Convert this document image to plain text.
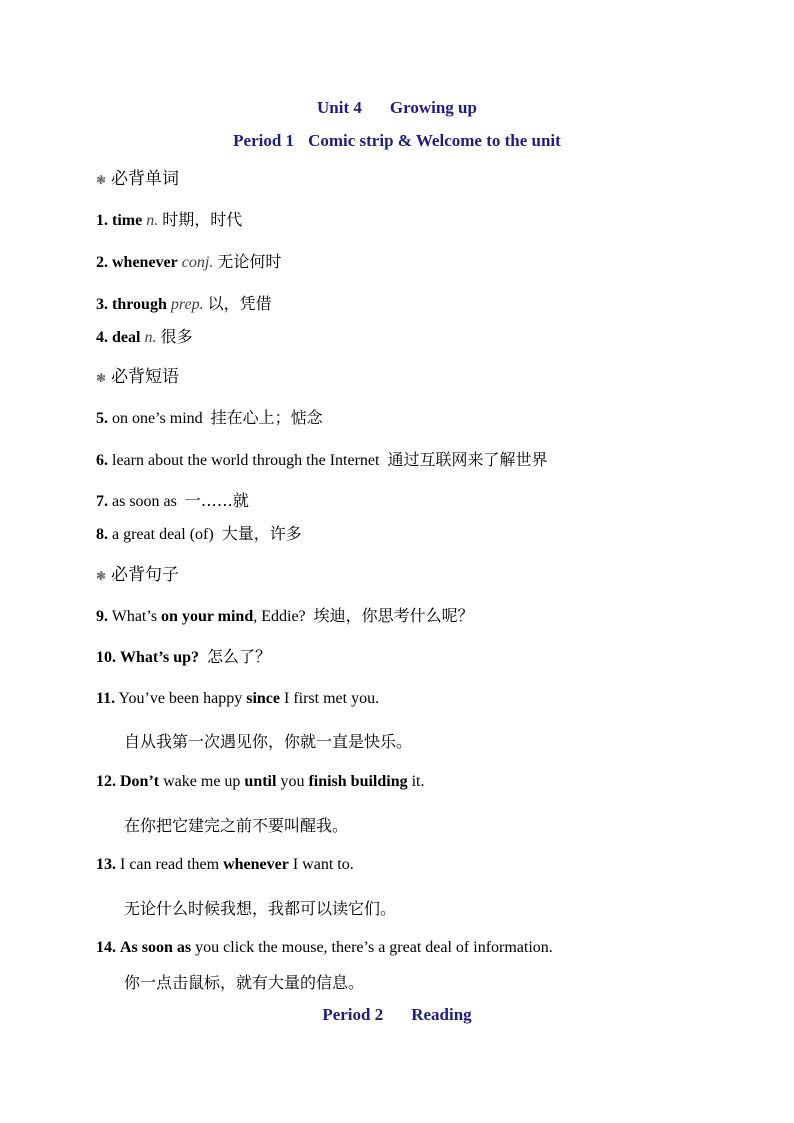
Unit 4 Growing up
Period 1 Comic strip & Welcome to the unit
❃ 必背单词
1. time n. 时期，时代
2. whenever conj. 无论何时
3. through prep. 以，凭借
4. deal n. 很多
❃ 必背短语
5. on one’s mind 挂在心上；惦念
6. learn about the world through the Internet 通过互联网来了解世界
7. as soon as 一……就
8. a great deal (of) 大量，许多
❃ 必背句子
9. What’s on your mind, Eddie? 埃迪，你思考什么呢？
10. What’s up? 怎么了？
11. You’ve been happy since I first met you.
自从我第一次遇见你，你就一直是快乐。
12. Don’t wake me up until you finish building it.
在你把它建完之前不要叫醒我。
13. I can read them whenever I want to.
无论什么时候我想，我都可以读它们。
14. As soon as you click the mouse, there’s a great deal of information.
你一点击鼠标，就有大量的信息。
Period 2 Reading
